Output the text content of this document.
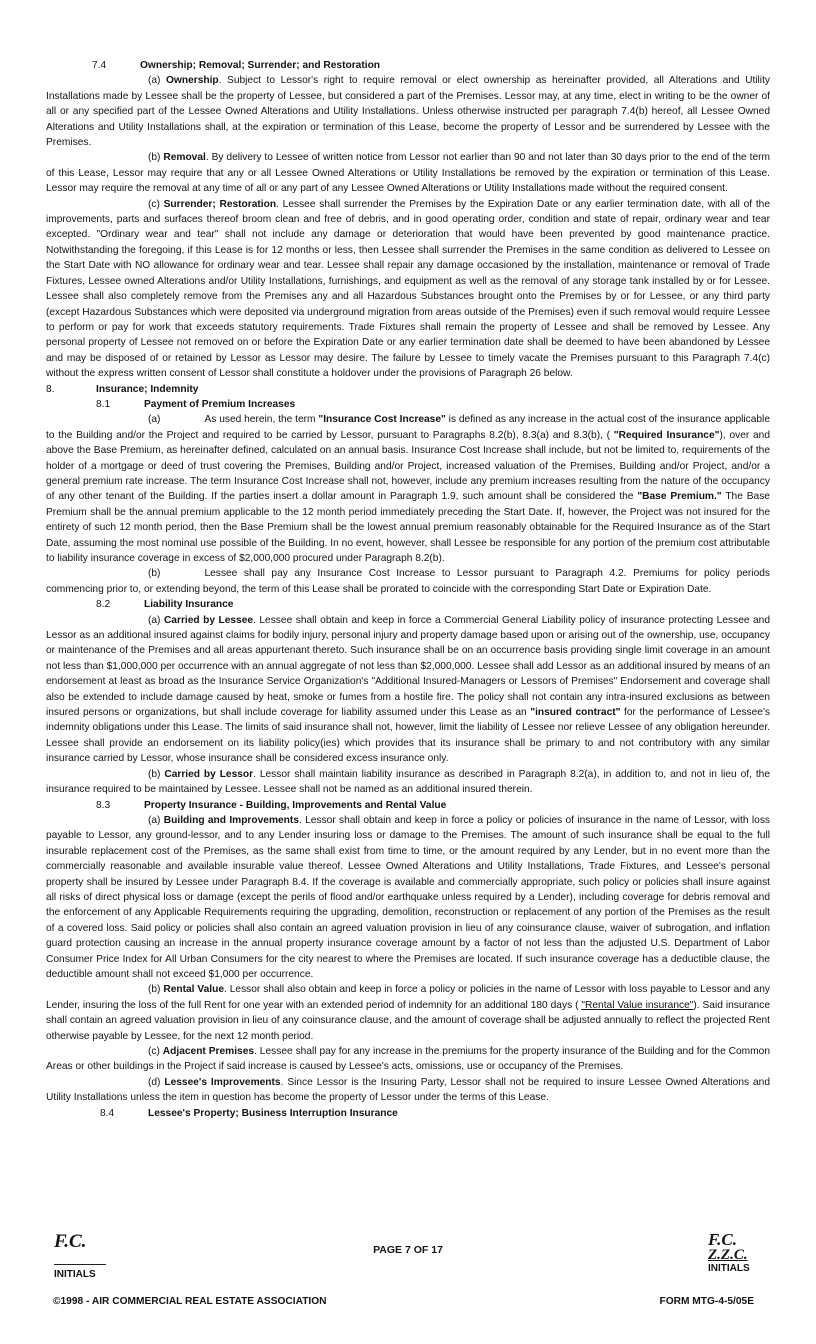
7.4	Ownership; Removal; Surrender; and Restoration

(a) Ownership. Subject to Lessor's right to require removal or elect ownership as hereinafter provided, all Alterations and Utility Installations made by Lessee shall be the property of Lessee, but considered a part of the Premises. Lessor may, at any time, elect in writing to be the owner of all or any specified part of the Lessee Owned Alterations and Utility Installations. Unless otherwise instructed per paragraph 7.4(b) hereof, all Lessee Owned Alterations and Utility Installations shall, at the expiration or termination of this Lease, become the property of Lessor and be surrendered by Lessee with the Premises.

(b) Removal. By delivery to Lessee of written notice from Lessor not earlier than 90 and not later than 30 days prior to the end of the term of this Lease, Lessor may require that any or all Lessee Owned Alterations or Utility Installations be removed by the expiration or termination of this Lease. Lessor may require the removal at any time of all or any part of any Lessee Owned Alterations or Utility Installations made without the required consent.

(c) Surrender; Restoration. Lessee shall surrender the Premises by the Expiration Date or any earlier termination date, with all of the improvements, parts and surfaces thereof broom clean and free of debris, and in good operating order, condition and state of repair, ordinary wear and tear excepted. "Ordinary wear and tear" shall not include any damage or deterioration that would have been prevented by good maintenance practice. Notwithstanding the foregoing, if this Lease is for 12 months or less, then Lessee shall surrender the Premises in the same condition as delivered to Lessee on the Start Date with NO allowance for ordinary wear and tear. Lessee shall repair any damage occasioned by the installation, maintenance or removal of Trade Fixtures, Lessee owned Alterations and/or Utility Installations, furnishings, and equipment as well as the removal of any storage tank installed by or for Lessee. Lessee shall also completely remove from the Premises any and all Hazardous Substances brought onto the Premises by or for Lessee, or any third party (except Hazardous Substances which were deposited via underground migration from areas outside of the Premises) even if such removal would require Lessee to perform or pay for work that exceeds statutory requirements. Trade Fixtures shall remain the property of Lessee and shall be removed by Lessee. Any personal property of Lessee not removed on or before the Expiration Date or any earlier termination date shall be deemed to have been abandoned by Lessee and may be disposed of or retained by Lessor as Lessor may desire. The failure by Lessee to timely vacate the Premises pursuant to this Paragraph 7.4(c) without the express written consent of Lessor shall constitute a holdover under the provisions of Paragraph 26 below.

8.	Insurance; Indemnity

8.1	Payment of Premium Increases

(a)	As used herein, the term "Insurance Cost Increase" is defined as any increase in the actual cost of the insurance applicable to the Building and/or the Project and required to be carried by Lessor, pursuant to Paragraphs 8.2(b), 8.3(a) and 8.3(b), ( "Required Insurance"), over and above the Base Premium, as hereinafter defined, calculated on an annual basis. Insurance Cost Increase shall include, but not be limited to, requirements of the holder of a mortgage or deed of trust covering the Premises, Building and/or Project, increased valuation of the Premises, Building and/or Project, and/or a general premium rate increase. The term Insurance Cost Increase shall not, however, include any premium increases resulting from the nature of the occupancy of any other tenant of the Building. If the parties insert a dollar amount in Paragraph 1.9, such amount shall be considered the "Base Premium." The Base Premium shall be the annual premium applicable to the 12 month period immediately preceding the Start Date. If, however, the Project was not insured for the entirety of such 12 month period, then the Base Premium shall be the lowest annual premium reasonably obtainable for the Required Insurance as of the Start Date, assuming the most nominal use possible of the Building. In no event, however, shall Lessee be responsible for any portion of the premium cost attributable to liability insurance coverage in excess of $2,000,000 procured under Paragraph 8.2(b).

(b)	Lessee shall pay any Insurance Cost Increase to Lessor pursuant to Paragraph 4.2. Premiums for policy periods commencing prior to, or extending beyond, the term of this Lease shall be prorated to coincide with the corresponding Start Date or Expiration Date.

8.2	Liability Insurance

(a) Carried by Lessee. Lessee shall obtain and keep in force a Commercial General Liability policy of insurance protecting Lessee and Lessor as an additional insured against claims for bodily injury, personal injury and property damage based upon or arising out of the ownership, use, occupancy or maintenance of the Premises and all areas appurtenant thereto. Such insurance shall be on an occurrence basis providing single limit coverage in an amount not less than $1,000,000 per occurrence with an annual aggregate of not less than $2,000,000. Lessee shall add Lessor as an additional insured by means of an endorsement at least as broad as the Insurance Service Organization's "Additional Insured-Managers or Lessors of Premises" Endorsement and coverage shall also be extended to include damage caused by heat, smoke or fumes from a hostile fire. The policy shall not contain any intra-insured exclusions as between insured persons or organizations, but shall include coverage for liability assumed under this Lease as an "insured contract" for the performance of Lessee's indemnity obligations under this Lease. The limits of said insurance shall not, however, limit the liability of Lessee nor relieve Lessee of any obligation hereunder. Lessee shall provide an endorsement on its liability policy(ies) which provides that its insurance shall be primary to and not contributory with any similar insurance carried by Lessor, whose insurance shall be considered excess insurance only.

(b) Carried by Lessor. Lessor shall maintain liability insurance as described in Paragraph 8.2(a), in addition to, and not in lieu of, the insurance required to be maintained by Lessee. Lessee shall not be named as an additional insured therein.

8.3	Property Insurance - Building, Improvements and Rental Value

(a) Building and Improvements. Lessor shall obtain and keep in force a policy or policies of insurance in the name of Lessor, with loss payable to Lessor, any ground-lessor, and to any Lender insuring loss or damage to the Premises. The amount of such insurance shall be equal to the full insurable replacement cost of the Premises, as the same shall exist from time to time, or the amount required by any Lender, but in no event more than the commercially reasonable and available insurable value thereof. Lessee Owned Alterations and Utility Installations, Trade Fixtures, and Lessee's personal property shall be insured by Lessee under Paragraph 8.4. If the coverage is available and commercially appropriate, such policy or policies shall insure against all risks of direct physical loss or damage (except the perils of flood and/or earthquake unless required by a Lender), including coverage for debris removal and the enforcement of any Applicable Requirements requiring the upgrading, demolition, reconstruction or replacement of any portion of the Premises as the result of a covered loss. Said policy or policies shall also contain an agreed valuation provision in lieu of any coinsurance clause, waiver of subrogation, and inflation guard protection causing an increase in the annual property insurance coverage amount by a factor of not less than the adjusted U.S. Department of Labor Consumer Price Index for All Urban Consumers for the city nearest to where the Premises are located. If such insurance coverage has a deductible clause, the deductible amount shall not exceed $1,000 per occurrence.

(b) Rental Value. Lessor shall also obtain and keep in force a policy or policies in the name of Lessor with loss payable to Lessor and any Lender, insuring the loss of the full Rent for one year with an extended period of indemnity for an additional 180 days ( "Rental Value insurance"). Said insurance shall contain an agreed valuation provision in lieu of any coinsurance clause, and the amount of coverage shall be adjusted annually to reflect the projected Rent otherwise payable by Lessee, for the next 12 month period.

(c) Adjacent Premises. Lessee shall pay for any increase in the premiums for the property insurance of the Building and for the Common Areas or other buildings in the Project if said increase is caused by Lessee's acts, omissions, use or occupancy of the Premises.

(d) Lessee's Improvements. Since Lessor is the Insuring Party, Lessor shall not be required to insure Lessee Owned Alterations and Utility Installations unless the item in question has become the property of Lessor under the terms of this Lease.

8.4	Lessee's Property; Business Interruption Insurance

F.C.
INITIALS
PAGE 7 OF 17
F.C.
Z.Z.C.
INITIALS
©1998 - AIR COMMERCIAL REAL ESTATE ASSOCIATION	FORM MTG-4-5/05E
